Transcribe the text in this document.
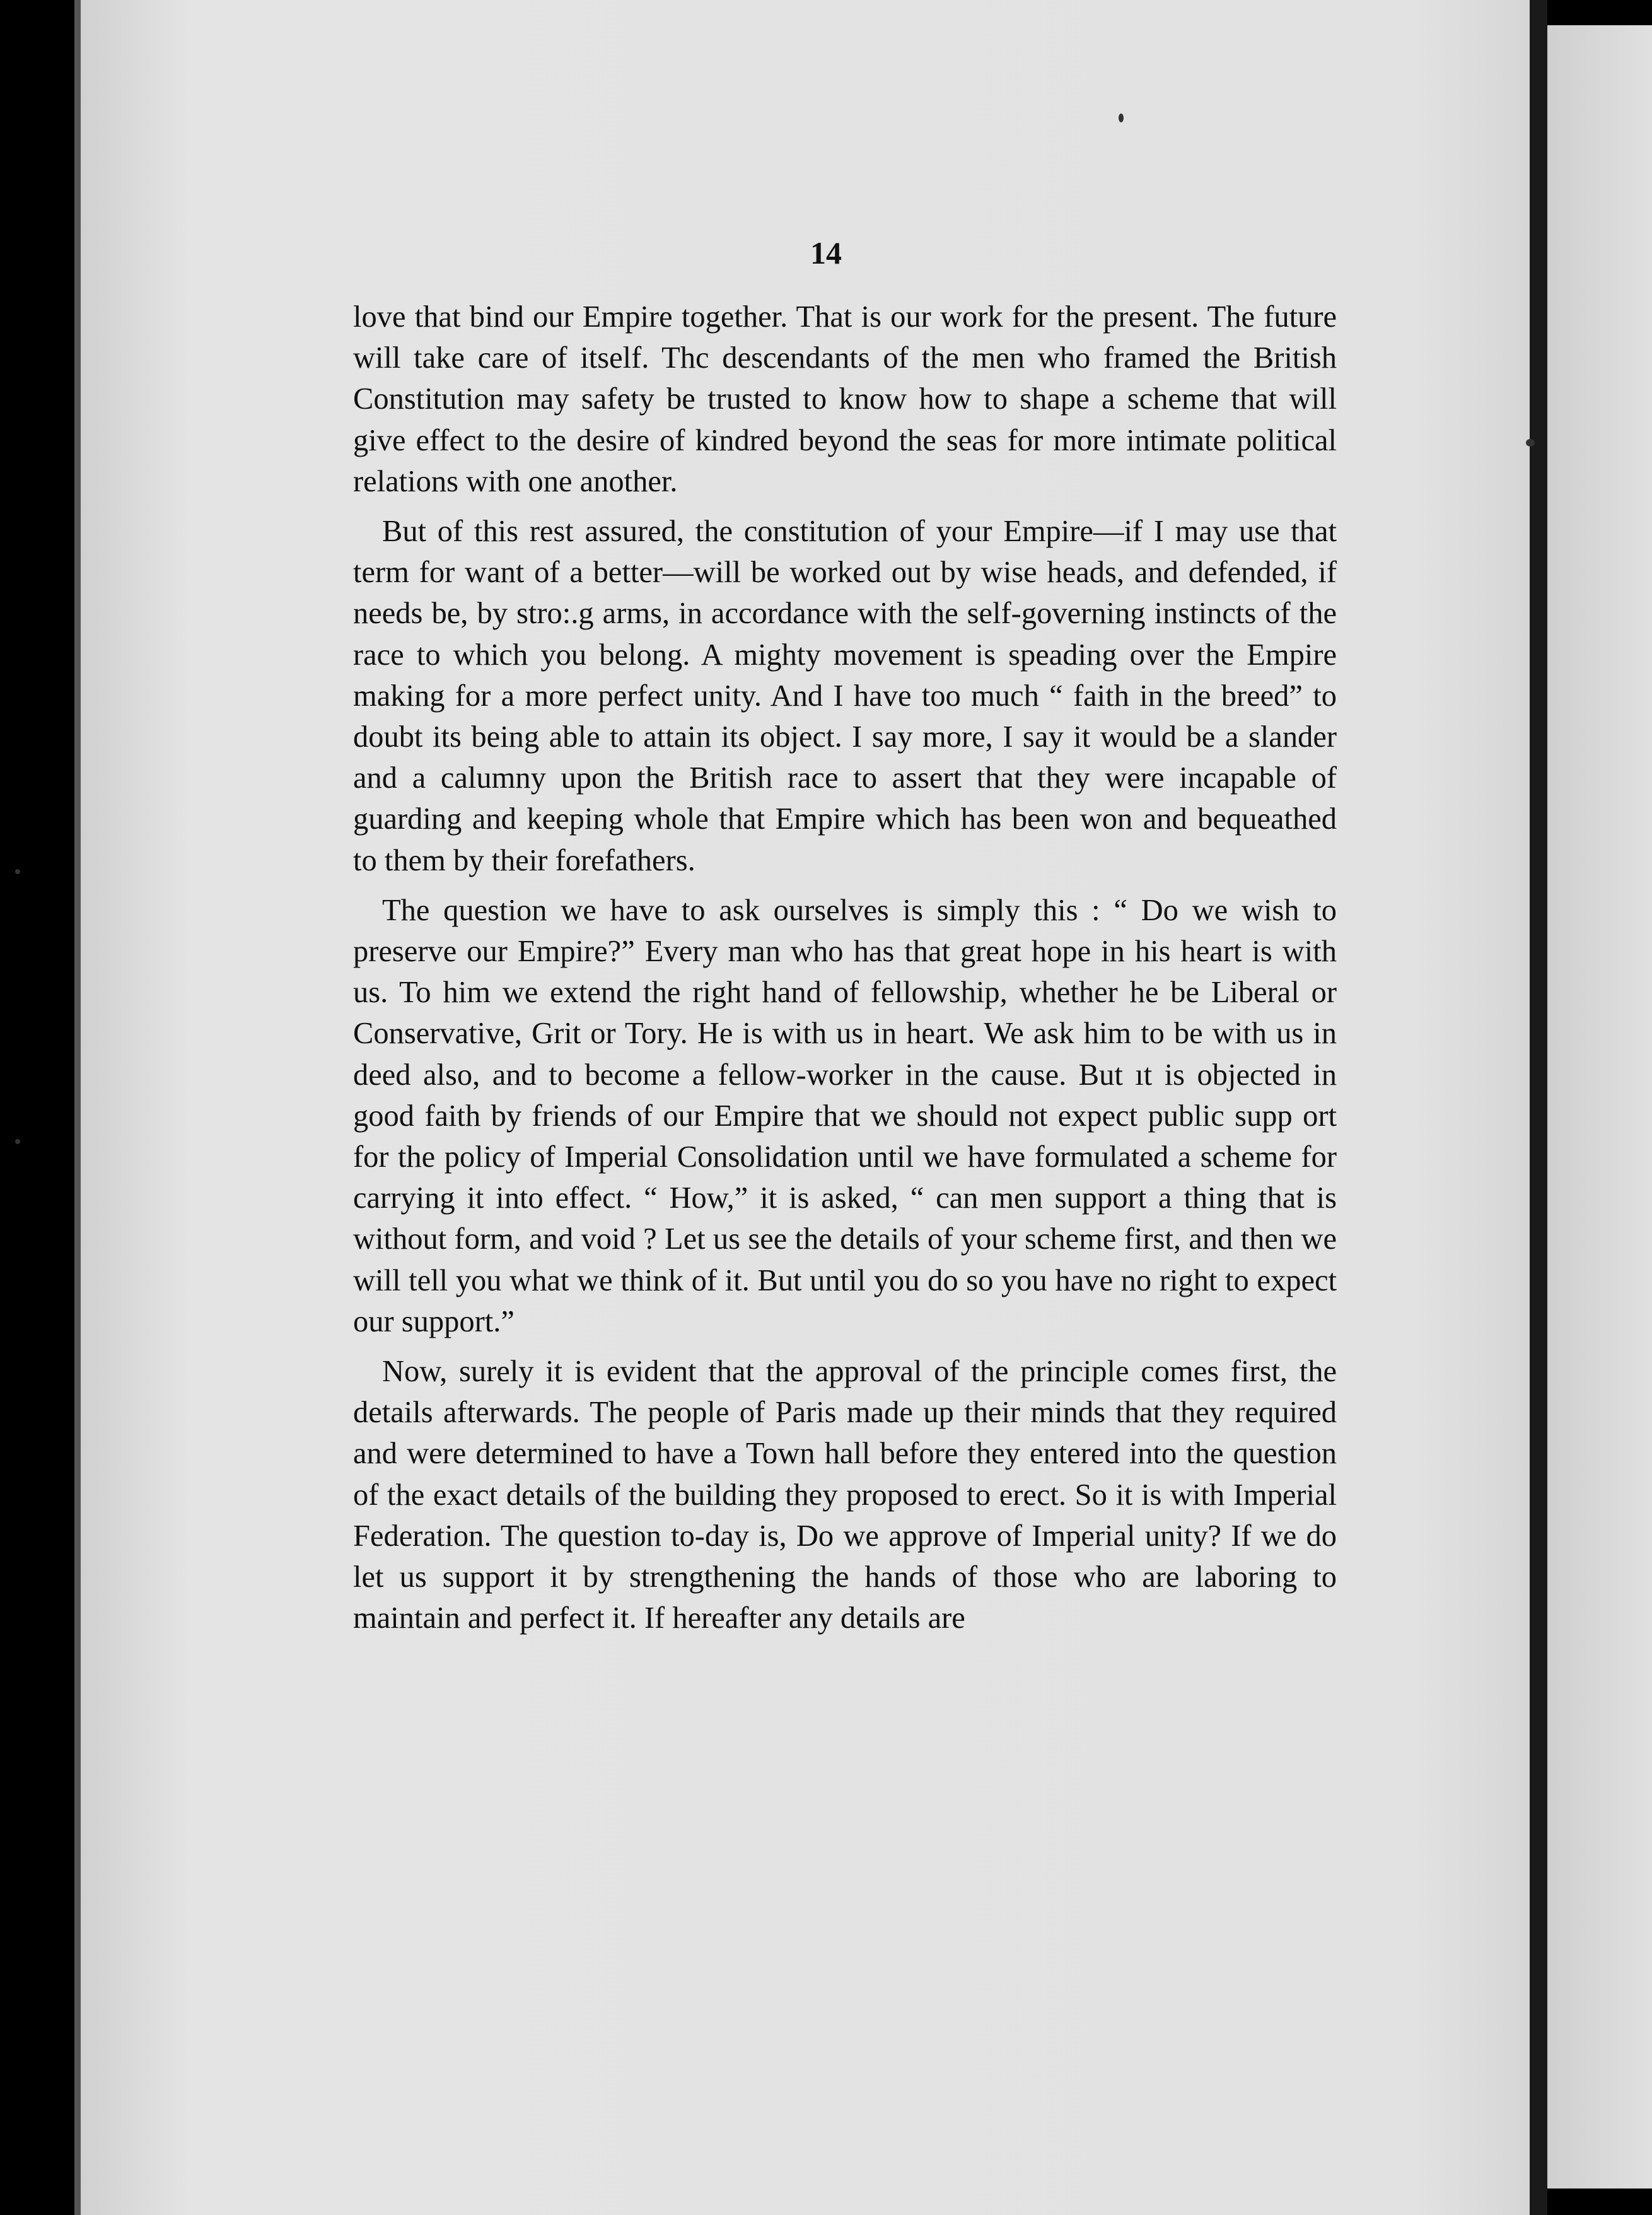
14

love that bind our Empire together. That is our work for the present. The future will take care of itself. Thc descendants of the men who framed the British Constitution may safety be trusted to know how to shape a scheme that will give effect to the desire of kindred beyond the seas for more intimate political relations with one another.

But of this rest assured, the constitution of your Empire—if I may use that term for want of a better—will be worked out by wise heads, and defended, if needs be, by stro:.g arms, in accordance with the self-governing instincts of the race to which you belong. A mighty movement is speading over the Empire making for a more perfect unity. And I have too much “ faith in the breed” to doubt its being able to attain its object. I say more, I say it would be a slander and a calumny upon the British race to assert that they were incapable of guarding and keeping whole that Empire which has been won and bequeathed to them by their forefathers.

The question we have to ask ourselves is simply this : “ Do we wish to preserve our Empire?” Every man who has that great hope in his heart is with us. To him we extend the right hand of fellowship, whether he be Liberal or Conservative, Grit or Tory. He is with us in heart. We ask him to be with us in deed also, and to become a fellow-worker in the cause. But ıt is objected in good faith by friends of our Empire that we should not expect public supp ort for the policy of Imperial Consolidation until we have formulated a scheme for carrying it into effect. “ How,” it is asked, “ can men support a thing that is without form, and void ? Let us see the details of your scheme first, and then we will tell you what we think of it. But until you do so you have no right to expect our support.”

Now, surely it is evident that the approval of the principle comes first, the details afterwards. The people of Paris made up their minds that they required and were determined to have a Town hall before they entered into the question of the exact details of the building they proposed to erect. So it is with Imperial Federation. The question to-day is, Do we approve of Imperial unity? If we do let us support it by strengthening the hands of those who are laboring to maintain and perfect it. If hereafter any details are
